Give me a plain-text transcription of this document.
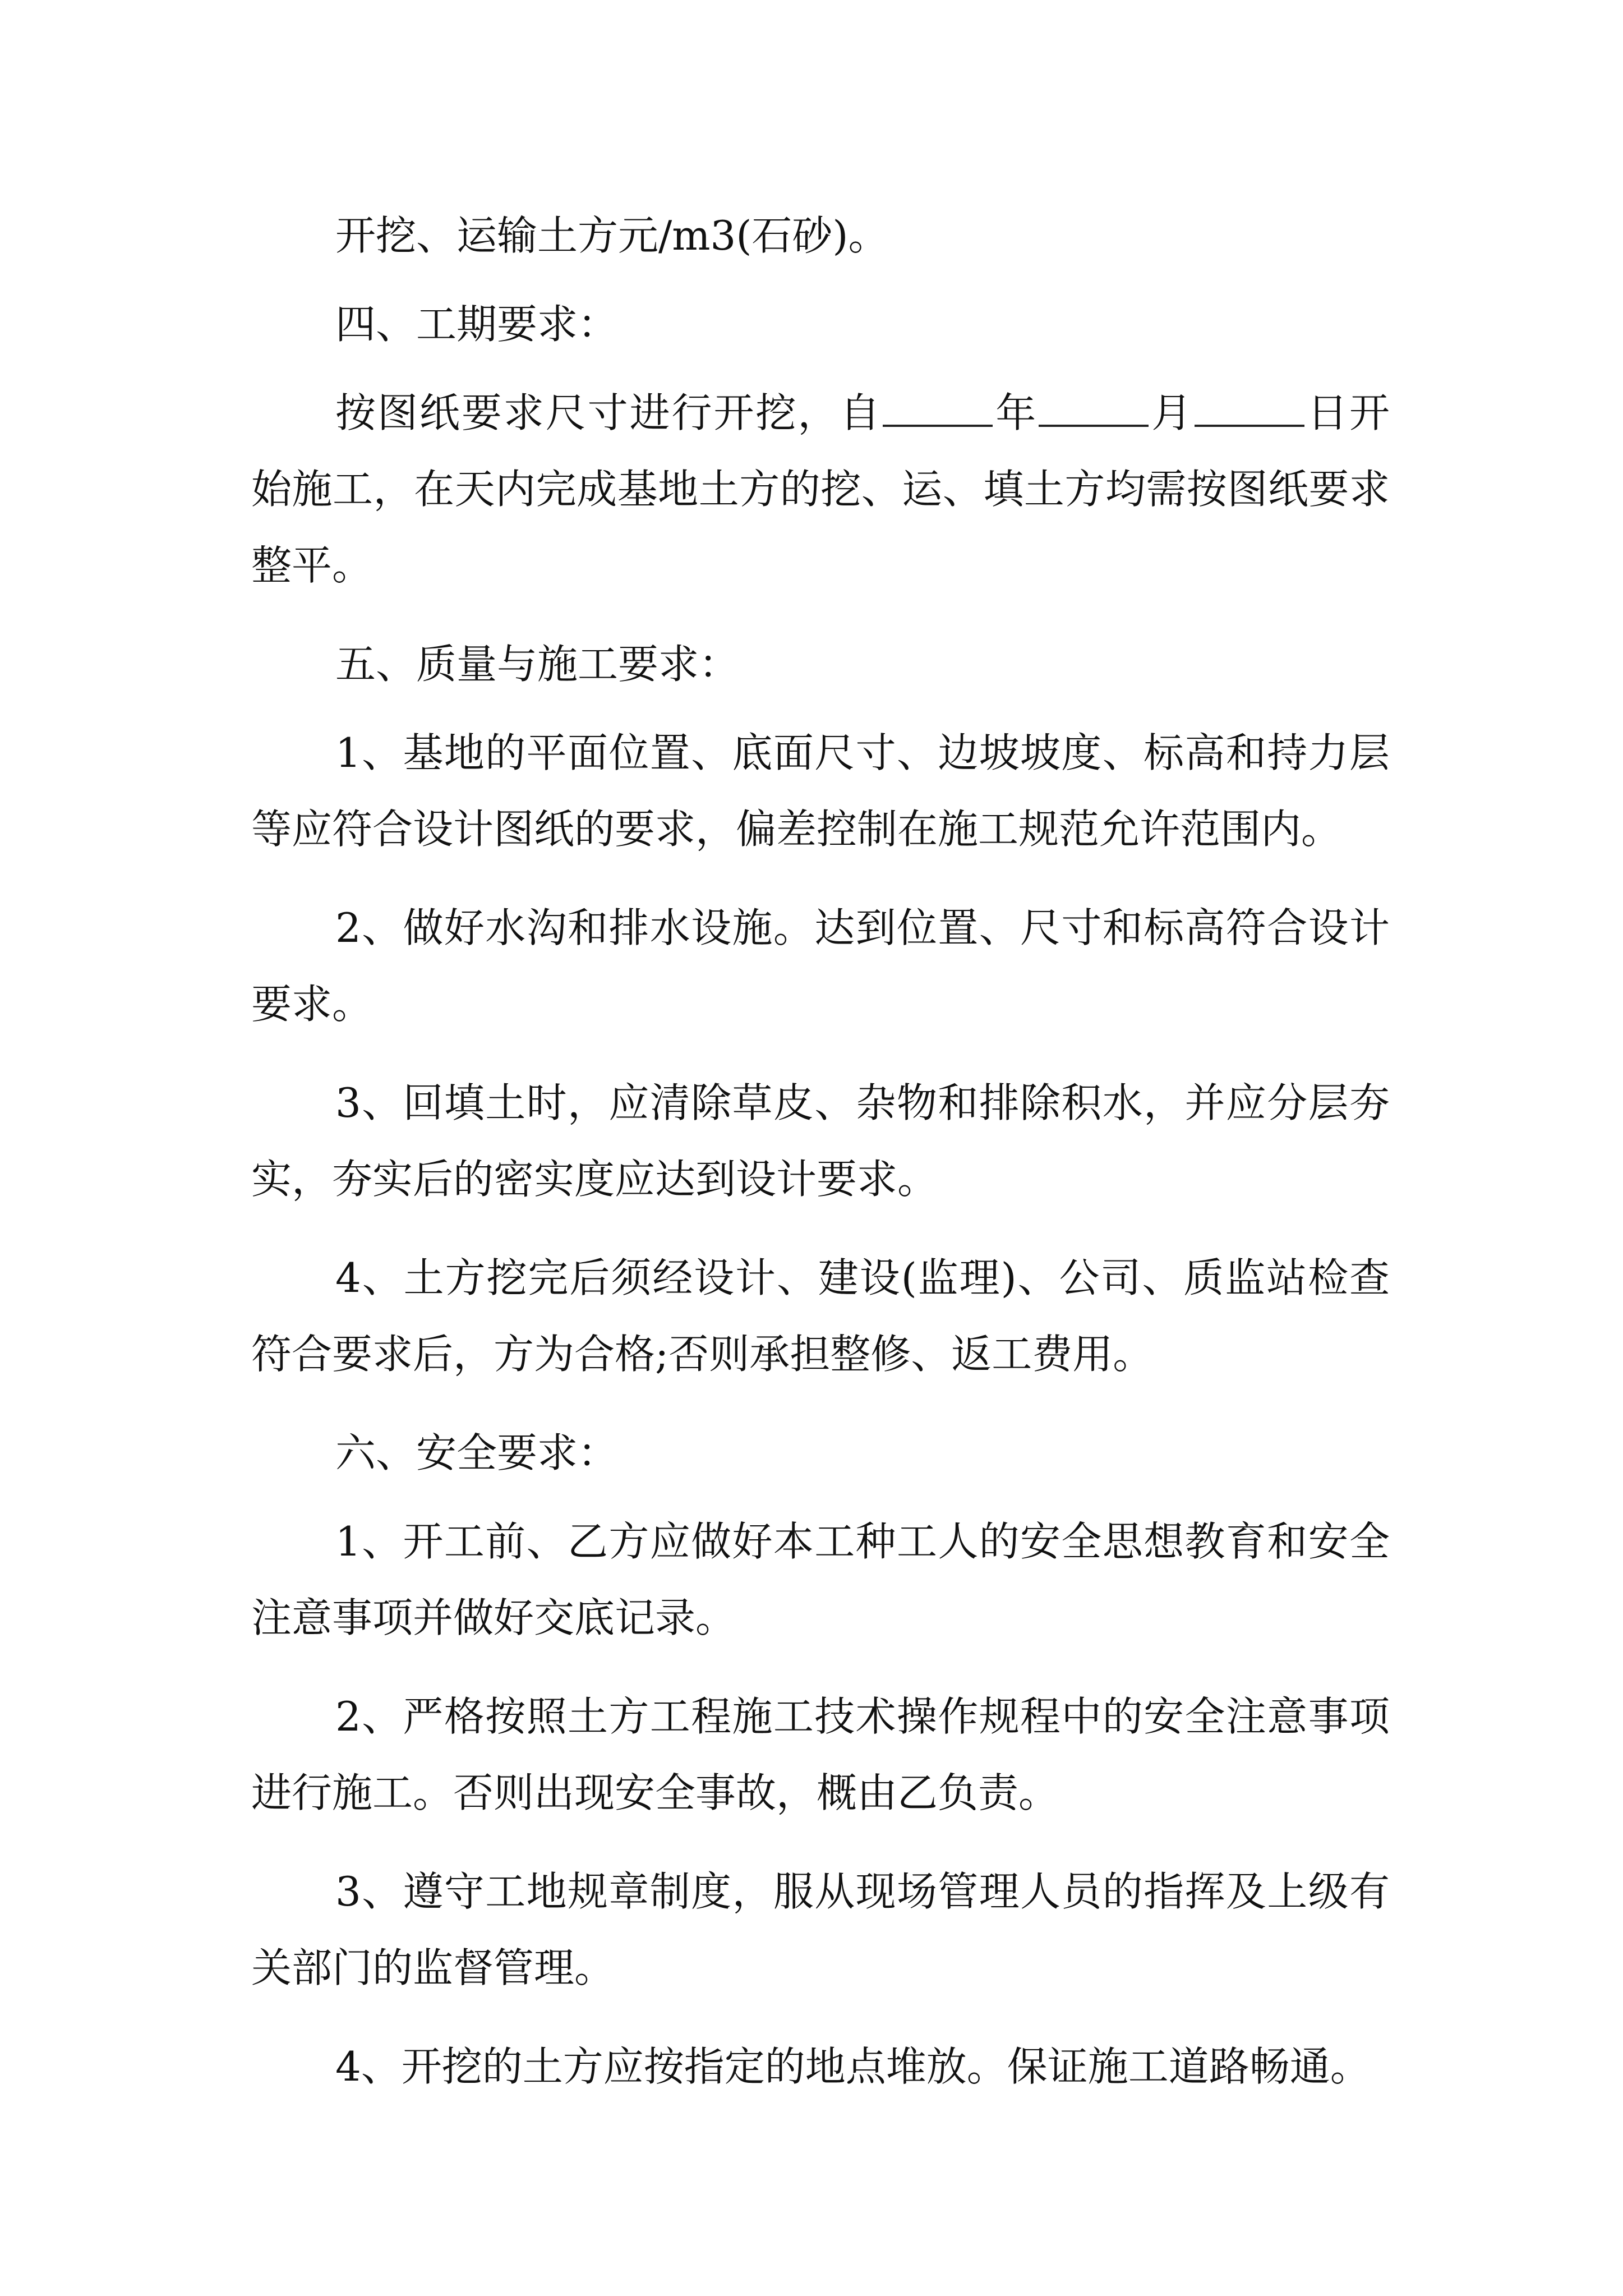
开挖、运输土方元/m3(石砂)。

四、工期要求：

按图纸要求尺寸进行开挖，自	年	月	日开始施工，在天内完成基地土方的挖、运、填土方均需按图纸要求整平。

五、质量与施工要求：

1、基地的平面位置、底面尺寸、边坡坡度、标高和持力层等应符合设计图纸的要求，偏差控制在施工规范允许范围内。

2、做好水沟和排水设施。达到位置、尺寸和标高符合设计要求。

3、回填土时，应清除草皮、杂物和排除积水，并应分层夯实，夯实后的密实度应达到设计要求。

4、土方挖完后须经设计、建设(监理)、公司、质监站检查符合要求后，方为合格;否则承担整修、返工费用。

六、安全要求：

1、开工前、乙方应做好本工种工人的安全思想教育和安全注意事项并做好交底记录。

2、严格按照土方工程施工技术操作规程中的安全注意事项进行施工。否则出现安全事故，概由乙负责。

3、遵守工地规章制度，服从现场管理人员的指挥及上级有关部门的监督管理。

4、开挖的土方应按指定的地点堆放。保证施工道路畅通。
